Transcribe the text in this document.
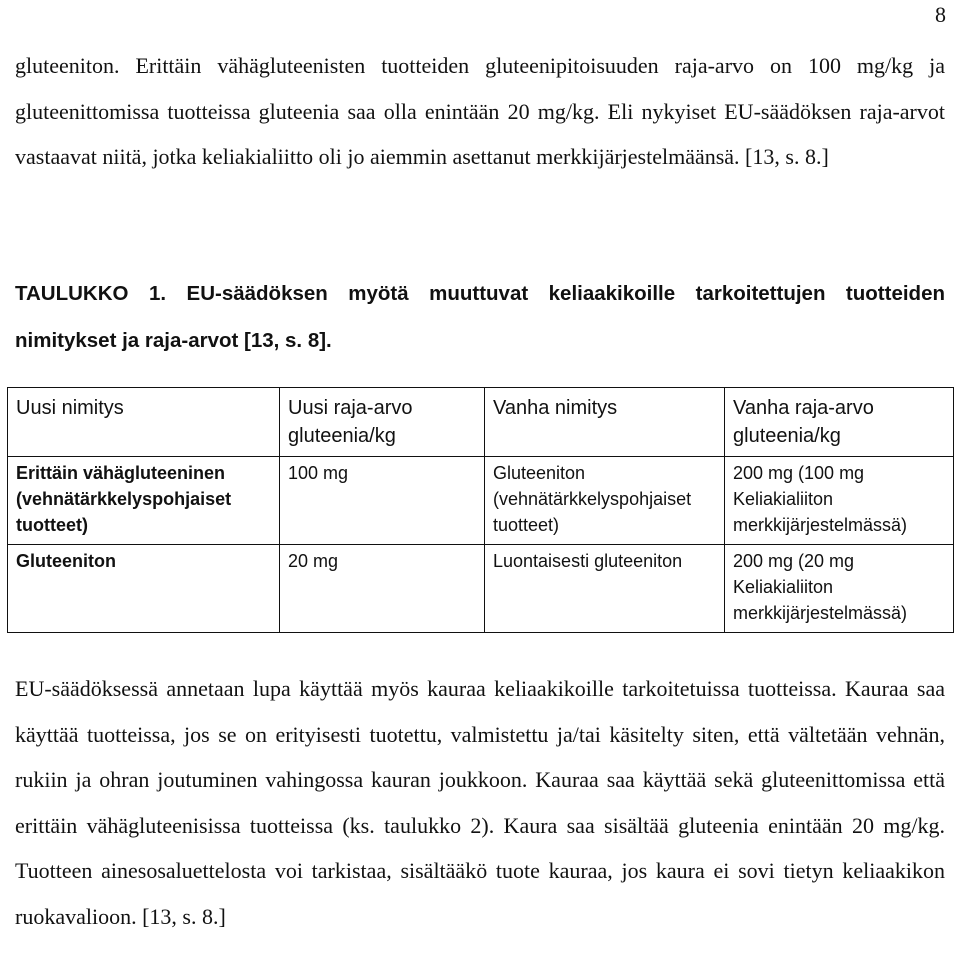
8

gluteeniton. Erittäin vähägluteenisten tuotteiden gluteenipitoisuuden raja-arvo on 100 mg/kg ja gluteenittomissa tuotteissa gluteenia saa olla enintään 20 mg/kg. Eli nykyiset EU-säädöksen raja-arvot vastaavat niitä, jotka keliakialiitto oli jo aiemmin asettanut merkkijärjestelmäänsä. [13, s. 8.]

TAULUKKO 1. EU-säädöksen myötä muuttuvat keliaakikoille tarkoitettujen tuotteiden nimitykset ja raja-arvot [13, s. 8].

Uusi nimitys	Uusi raja-arvo gluteenia/kg	Vanha nimitys	Vanha raja-arvo gluteenia/kg
Erittäin vähägluteeninen (vehnätärkkelyspohjaiset tuotteet)	100 mg	Gluteeniton (vehnätärkkelyspohjaiset tuotteet)	200 mg (100 mg Keliakialiiton merkkijärjestelmässä)
Gluteeniton	20 mg	Luontaisesti gluteeniton	200 mg (20 mg Keliakialiiton merkkijärjestelmässä)

EU-säädöksessä annetaan lupa käyttää myös kauraa keliaakikoille tarkoitetuissa tuotteissa. Kauraa saa käyttää tuotteissa, jos se on erityisesti tuotettu, valmistettu ja/tai käsitelty siten, että vältetään vehnän, rukiin ja ohran joutuminen vahingossa kauran joukkoon. Kauraa saa käyttää sekä gluteenittomissa että erittäin vähägluteenisissa tuotteissa (ks. taulukko 2). Kaura saa sisältää gluteenia enintään 20 mg/kg. Tuotteen ainesosaluettelosta voi tarkistaa, sisältääkö tuote kauraa, jos kaura ei sovi tietyn keliaakikon ruokavalioon. [13, s. 8.]
